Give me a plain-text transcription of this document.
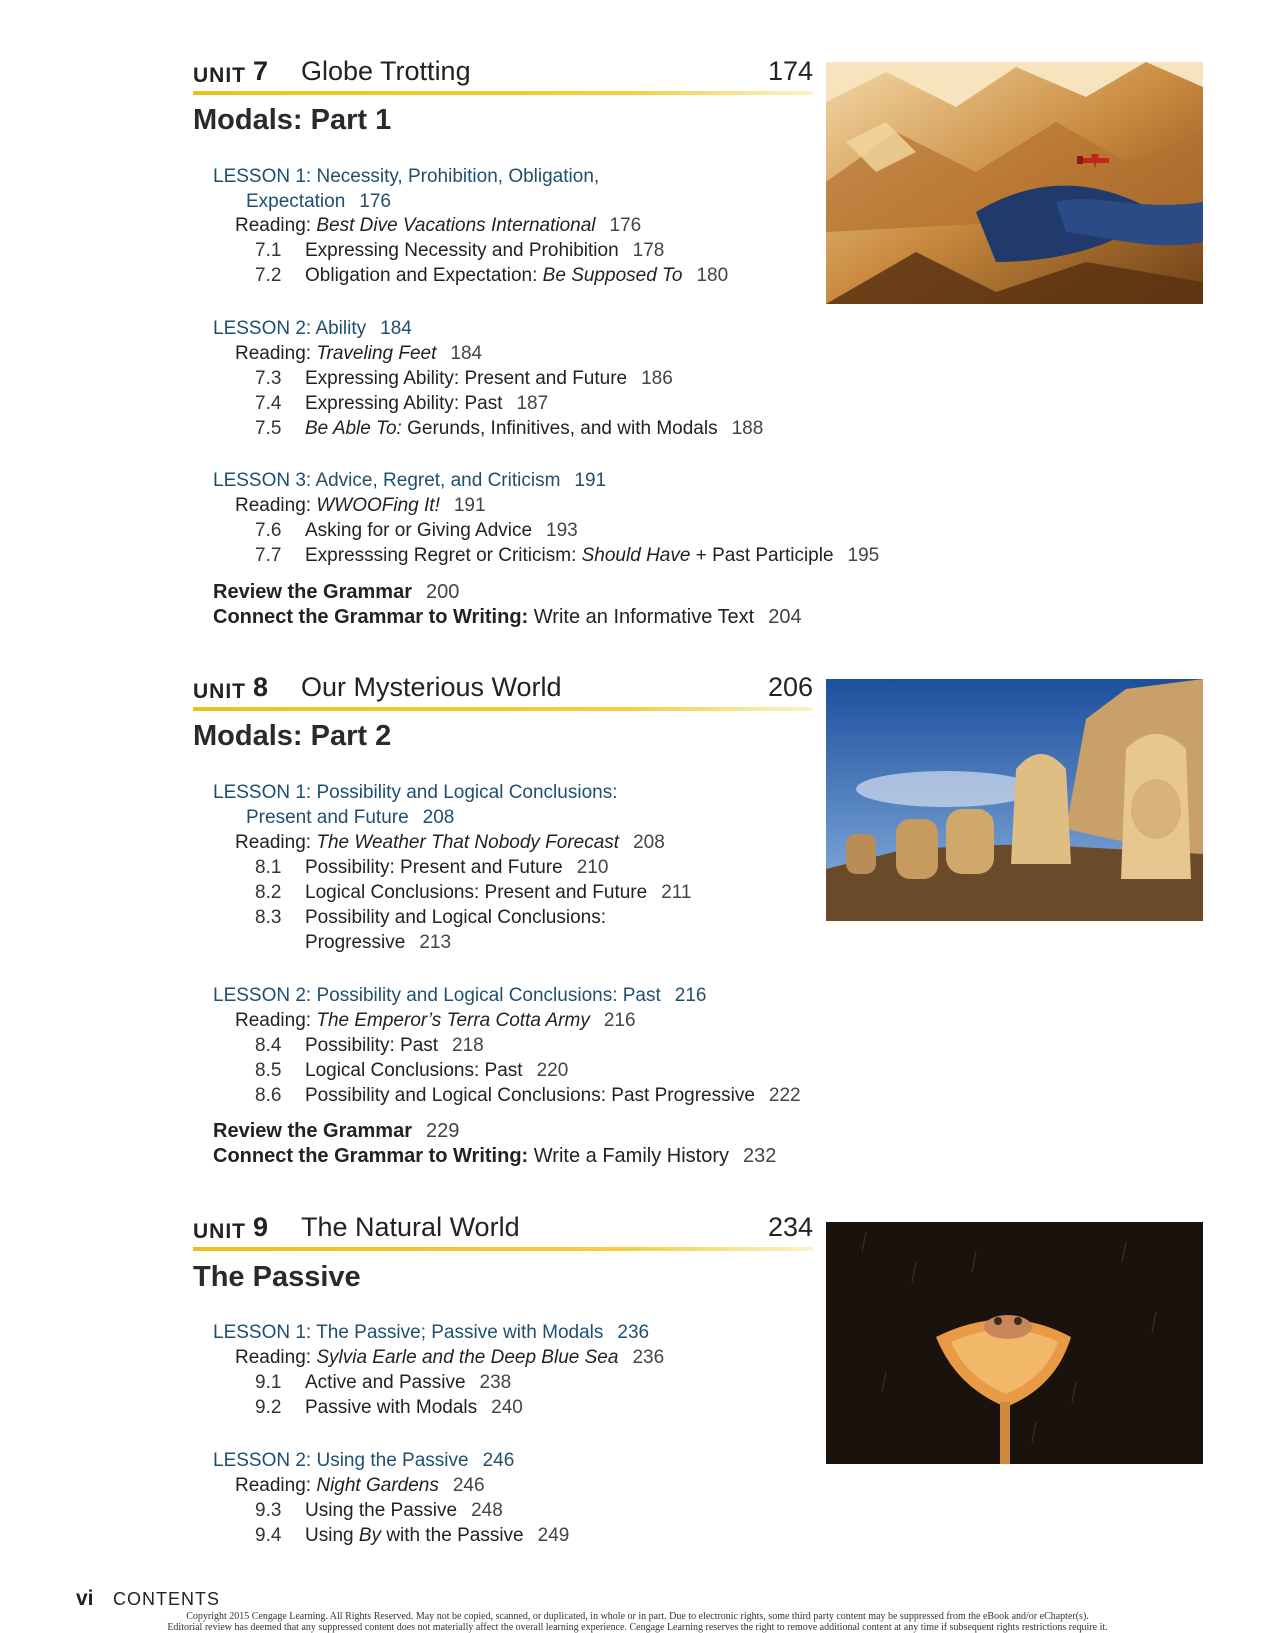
UNIT 7 Globe Trotting	174
Modals: Part 1
LESSON 1: Necessity, Prohibition, Obligation,
Expectation 176
Reading: Best Dive Vacations International 176
7.1 Expressing Necessity and Prohibition 178
7.2 Obligation and Expectation: Be Supposed To 180
LESSON 2: Ability 184
Reading: Traveling Feet 184
7.3 Expressing Ability: Present and Future 186
7.4 Expressing Ability: Past 187
7.5 Be Able To: Gerunds, Infinitives, and with Modals 188
LESSON 3: Advice, Regret, and Criticism 191
Reading: WWOOFing It! 191
7.6 Asking for or Giving Advice 193
7.7 Expresssing Regret or Criticism: Should Have + Past Participle 195
Review the Grammar 200
Connect the Grammar to Writing: Write an Informative Text 204
UNIT 8 Our Mysterious World	206
Modals: Part 2
LESSON 1: Possibility and Logical Conclusions:
Present and Future 208
Reading: The Weather That Nobody Forecast 208
8.1 Possibility: Present and Future 210
8.2 Logical Conclusions: Present and Future 211
8.3 Possibility and Logical Conclusions:
Progressive 213
LESSON 2: Possibility and Logical Conclusions: Past 216
Reading: The Emperor’s Terra Cotta Army 216
8.4 Possibility: Past 218
8.5 Logical Conclusions: Past 220
8.6 Possibility and Logical Conclusions: Past Progressive 222
Review the Grammar 229
Connect the Grammar to Writing: Write a Family History 232
UNIT 9 The Natural World	234
The Passive
LESSON 1: The Passive; Passive with Modals 236
Reading: Sylvia Earle and the Deep Blue Sea 236
9.1 Active and Passive 238
9.2 Passive with Modals 240
LESSON 2: Using the Passive 246
Reading: Night Gardens 246
9.3 Using the Passive 248
9.4 Using By with the Passive 249
vi CONTENTS
Copyright 2015 Cengage Learning. All Rights Reserved. May not be copied, scanned, or duplicated, in whole or in part. Due to electronic rights, some third party content may be suppressed from the eBook and/or eChapter(s).
Editorial review has deemed that any suppressed content does not materially affect the overall learning experience. Cengage Learning reserves the right to remove additional content at any time if subsequent rights restrictions require it.
